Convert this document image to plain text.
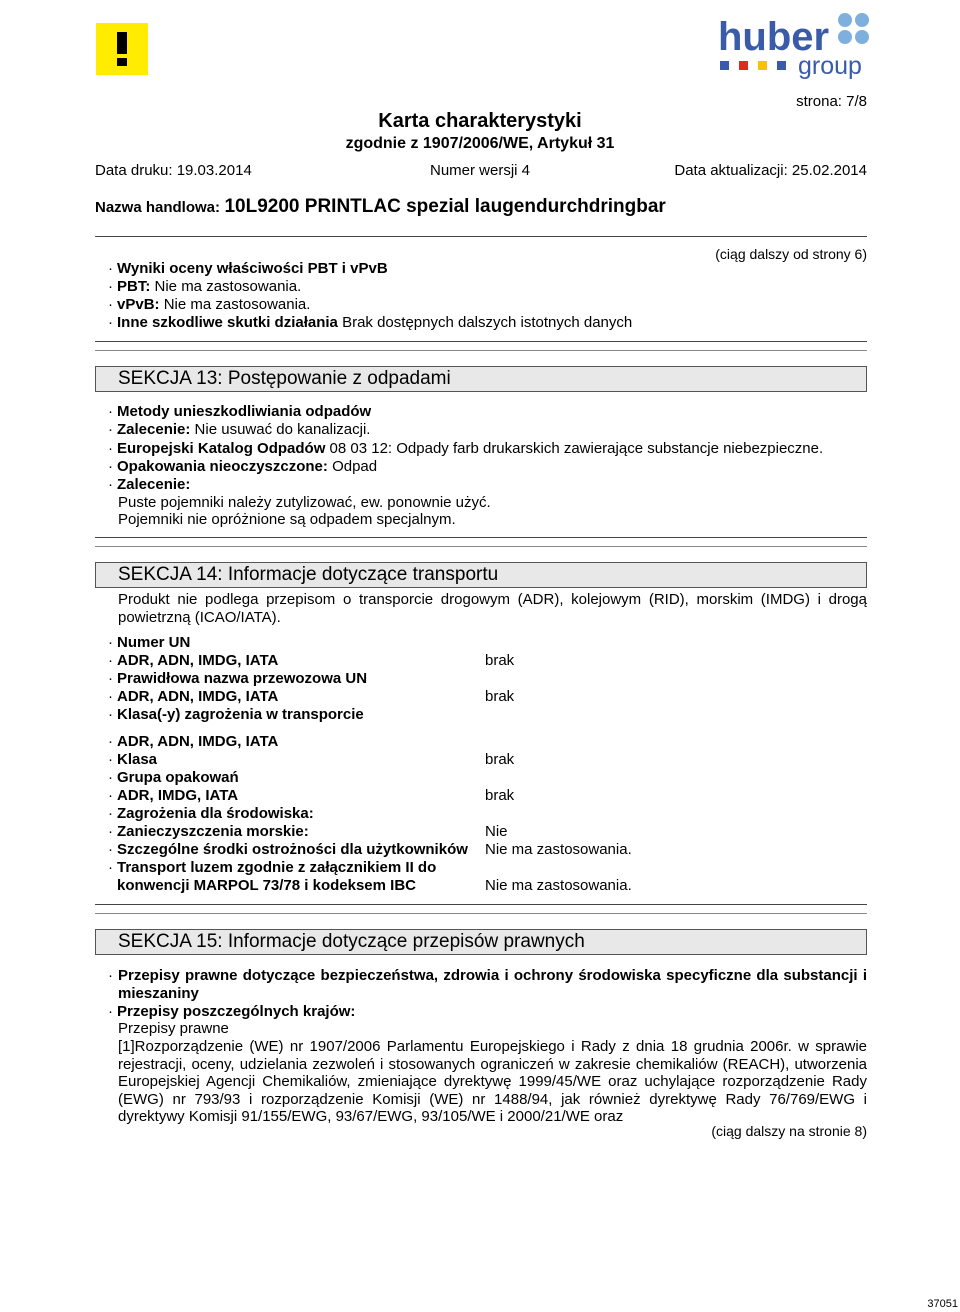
huber
group
strona: 7/8
Karta charakterystyki
zgodnie z 1907/2006/WE, Artykuł 31
Data druku: 19.03.2014	Numer wersji 4	Data aktualizacji: 25.02.2014
Nazwa handlowa: 10L9200 PRINTLAC spezial laugendurchdringbar
(ciąg dalszy od strony 6)
· Wyniki oceny właściwości PBT i vPvB
· PBT: Nie ma zastosowania.
· vPvB: Nie ma zastosowania.
· Inne szkodliwe skutki działania Brak dostępnych dalszych istotnych danych
SEKCJA 13: Postępowanie z odpadami
· Metody unieszkodliwiania odpadów
· Zalecenie: Nie usuwać do kanalizacji.
· Europejski Katalog Odpadów 08 03 12: Odpady farb drukarskich zawierające substancje niebezpieczne.
· Opakowania nieoczyszczone: Odpad
· Zalecenie:
Puste pojemniki należy zutylizować, ew. ponownie użyć.
Pojemniki nie opróżnione są odpadem specjalnym.
SEKCJA 14: Informacje dotyczące transportu
Produkt nie podlega przepisom o transporcie drogowym (ADR), kolejowym (RID), morskim (IMDG) i drogą powietrzną (ICAO/IATA).
· Numer UN
· ADR, ADN, IMDG, IATA	brak
· Prawidłowa nazwa przewozowa UN
· ADR, ADN, IMDG, IATA	brak
· Klasa(-y) zagrożenia w transporcie
· ADR, ADN, IMDG, IATA
· Klasa	brak
· Grupa opakowań
· ADR, IMDG, IATA	brak
· Zagrożenia dla środowiska:
· Zanieczyszczenia morskie:	Nie
· Szczególne środki ostrożności dla użytkowników Nie ma zastosowania.
· Transport luzem zgodnie z załącznikiem II do
konwencji MARPOL 73/78 i kodeksem IBC	Nie ma zastosowania.
SEKCJA 15: Informacje dotyczące przepisów prawnych
· Przepisy prawne dotyczące bezpieczeństwa, zdrowia i ochrony środowiska specyficzne dla substancji i mieszaniny
· Przepisy poszczególnych krajów:
Przepisy prawne
[1]Rozporządzenie (WE) nr 1907/2006 Parlamentu Europejskiego i Rady z dnia 18 grudnia 2006r. w sprawie rejestracji, oceny, udzielania zezwoleń i stosowanych ograniczeń w zakresie chemikaliów (REACH), utworzenia Europejskiej Agencji Chemikaliów, zmieniające dyrektywę 1999/45/WE oraz uchylające rozporządzenie Rady (EWG) nr 793/93 i rozporządzenie Komisji (WE) nr 1488/94, jak również dyrektywę Rady 76/769/EWG i dyrektywy Komisji 91/155/EWG, 93/67/EWG, 93/105/WE i 2000/21/WE oraz
(ciąg dalszy na stronie 8)
37051
